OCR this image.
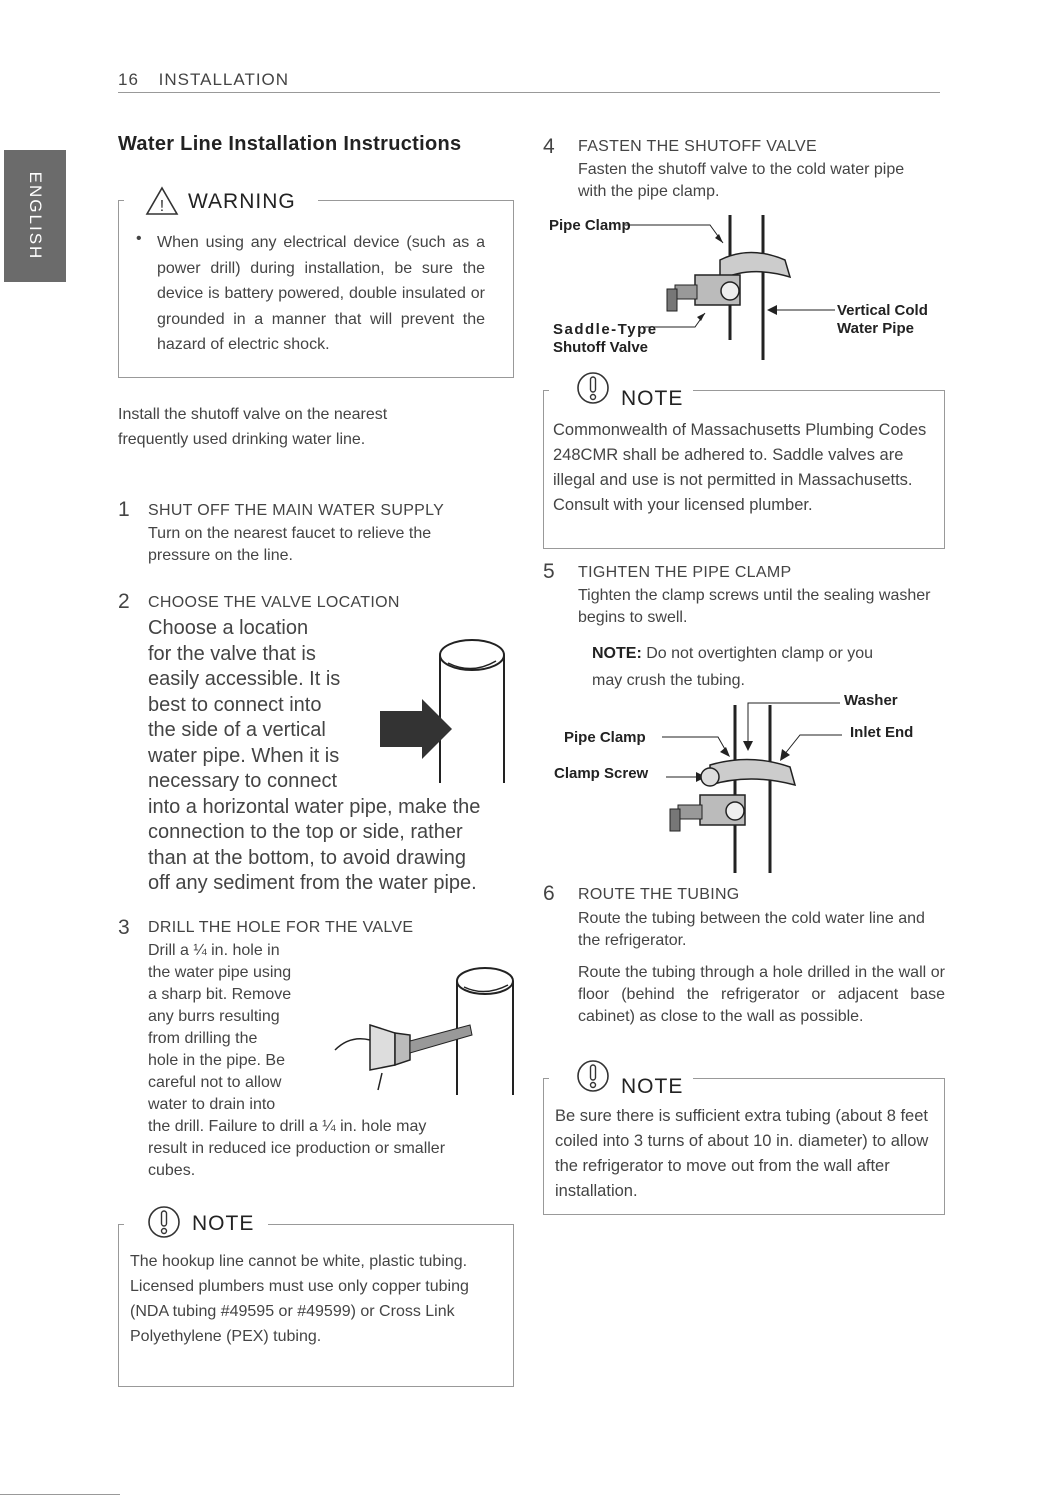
16 INSTALLATION
ENGLISH
Water Line Installation Instructions
! WARNING
• When using any electrical device (such as a power drill) during installation, be sure the device is battery powered, double insulated or grounded in a manner that will prevent the hazard of electric shock.
Install the shutoff valve on the nearest frequently used drinking water line.
1 SHUT OFF THE MAIN WATER SUPPLY
Turn on the nearest faucet to relieve the pressure on the line.
2 CHOOSE THE VALVE LOCATION
Choose a location
for the valve that is
easily accessible. It is
best to connect into
the side of a vertical
water pipe. When it is
necessary to connect
into a horizontal water pipe, make the
connection to the top or side, rather
than at the bottom, to avoid drawing
off any sediment from the water pipe.
3 DRILL THE HOLE FOR THE VALVE
Drill a ¼ in. hole in
the water pipe using
a sharp bit. Remove
any burrs resulting
from drilling the
hole in the pipe. Be
careful not to allow
water to drain into
the drill. Failure to drill a ¼ in. hole may
result in reduced ice production or smaller
cubes.
NOTE
The hookup line cannot be white, plastic tubing. Licensed plumbers must use only copper tubing (NDA tubing #49595 or #49599) or Cross Link Polyethylene (PEX) tubing.
4 FASTEN THE SHUTOFF VALVE
Fasten the shutoff valve to the cold water pipe with the pipe clamp.
Pipe Clamp
Saddle-Type
Shutoff Valve
Vertical Cold
Water Pipe
NOTE
Commonwealth of Massachusetts Plumbing Codes 248CMR shall be adhered to. Saddle valves are illegal and use is not permitted in Massachusetts. Consult with your licensed plumber.
5 TIGHTEN THE PIPE CLAMP
Tighten the clamp screws until the sealing washer begins to swell.
NOTE: Do not overtighten clamp or you may crush the tubing.
Washer
Pipe Clamp	Inlet End
Clamp Screw
6 ROUTE THE TUBING
Route the tubing between the cold water line and the refrigerator.
Route the tubing through a hole drilled in the wall or floor (behind the refrigerator or adjacent base cabinet) as close to the wall as possible.
NOTE
Be sure there is sufficient extra tubing (about 8 feet coiled into 3 turns of about 10 in. diameter) to allow the refrigerator to move out from the wall after installation.
